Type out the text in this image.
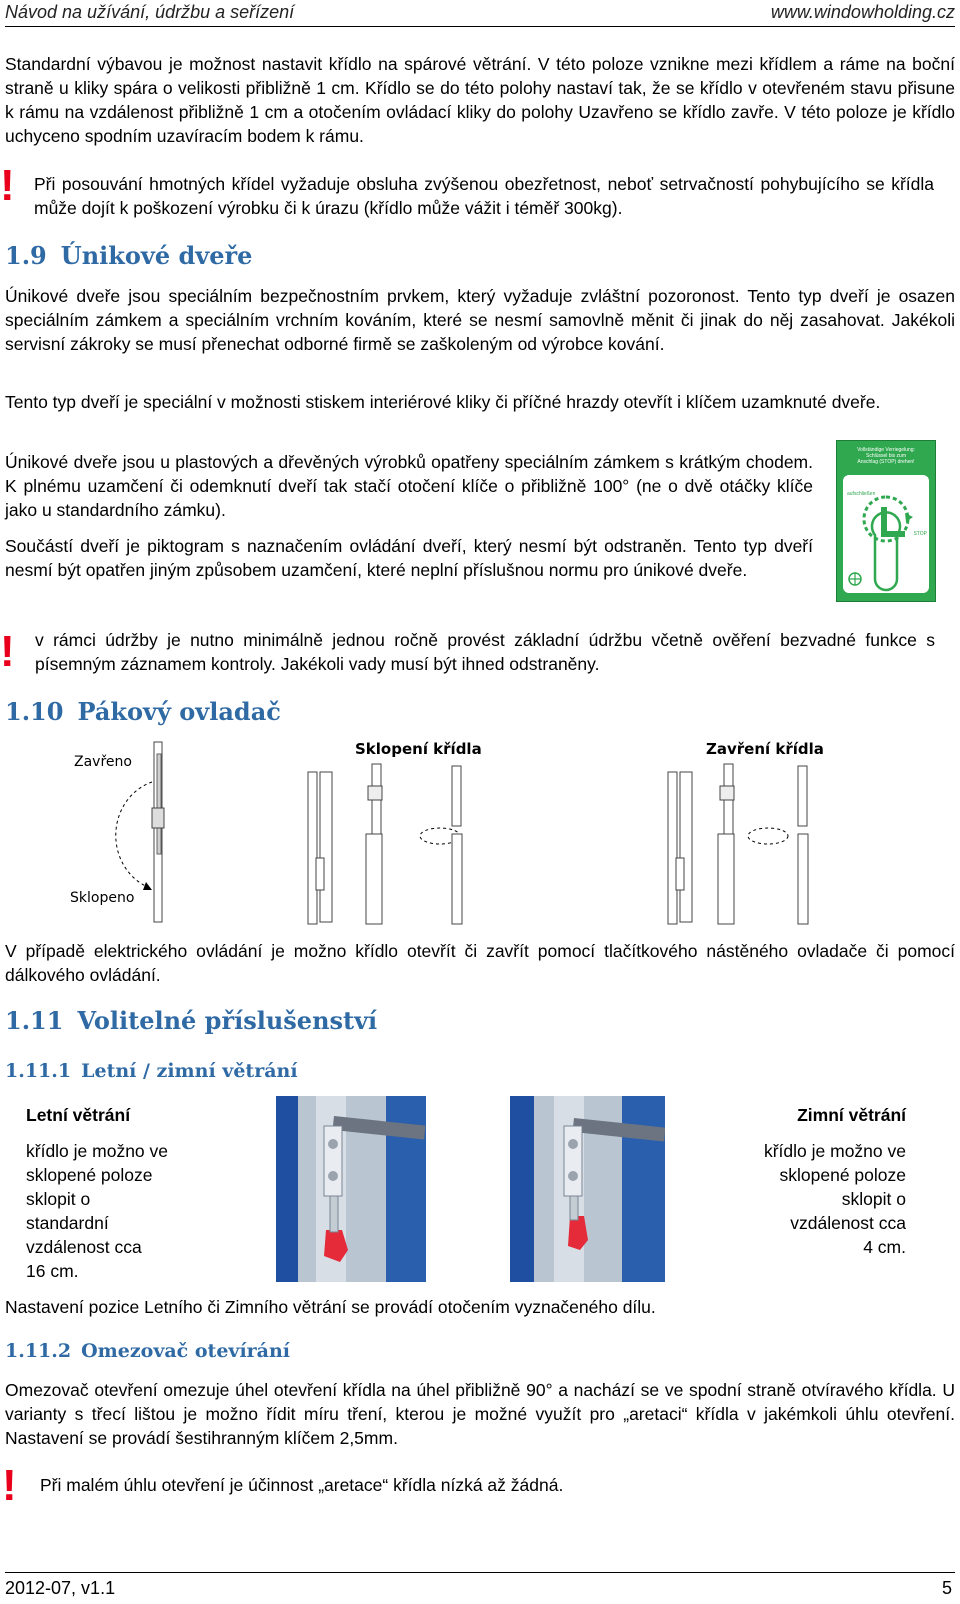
Návod na užívání, údržbu a seřízení	www.windowholding.cz
Standardní výbavou je možnost nastavit křídlo na spárové větrání. V této poloze vznikne mezi křídlem a ráme na boční straně u kliky spára o velikosti přibližně 1 cm. Křídlo se do této polohy nastaví tak, že se křídlo v otevřeném stavu přisune k rámu na vzdálenost přibližně 1 cm a otočením ovládací kliky do polohy Uzavřeno se křídlo zavře. V této poloze je křídlo uchyceno spodním uzavíracím bodem k rámu.
! Při posouvání hmotných křídel vyžaduje obsluha zvýšenou obezřetnost, neboť setrvačností pohybujícího se křídla může dojít k poškození výrobku či k úrazu (křídlo může vážit i téměř 300kg).
1.9 Únikové dveře
Únikové dveře jsou speciálním bezpečnostním prvkem, který vyžaduje zvláštní pozoronost. Tento typ dveří je osazen speciálním zámkem a speciálním vrchním kováním, které se nesmí samovlně měnit či jinak do něj zasahovat. Jakékoli servisní zákroky se musí přenechat odborné firmě se zaškoleným od výrobce kování.
Tento typ dveří je speciální v možnosti stiskem interiérové kliky či příčné hrazdy otevřít i klíčem uzamknuté dveře.
Únikové dveře jsou u plastových a dřevěných výrobků opatřeny speciálním zámkem s krátkým chodem. K plnému uzamčení či odemknutí dveří tak stačí otočení klíče o přibližně 100° (ne o dvě otáčky klíče jako u standardního zámku).
Součástí dveří je piktogram s naznačením ovládání dveří, který nesmí být odstraněn. Tento typ dveří nesmí být opatřen jiným způsobem uzamčení, které neplní příslušnou normu pro únikové dveře.
Vollständige Verriegelung:
Schlüssel bis zum
Anschlag (STOP) drehen!
aufschließen
STOP
! v rámci údržby je nutno minimálně jednou ročně provést základní údržbu včetně ověření bezvadné funkce s písemným záznamem kontroly. Jakékoli vady musí být ihned odstraněny.
1.10 Pákový ovladač
Zavřeno
Sklopeno
Sklopení křídla	Zavření křídla
V případě elektrického ovládání je možno křídlo otevřít či zavřít pomocí tlačítkového nástěného ovladače či pomocí dálkového ovládání.
1.11 Volitelné příslušenství
1.11.1 Letní / zimní větrání
Letní větrání
křídlo je možno ve
sklopené poloze
sklopit o
standardní
vzdálenost cca
16 cm.
Zimní větrání
křídlo je možno ve
sklopené poloze
sklopit o
vzdálenost cca
4 cm.
Nastavení pozice Letního či Zimního větrání se provádí otočením vyznačeného dílu.
1.11.2 Omezovač otevírání
Omezovač otevření omezuje úhel otevření křídla na úhel přibližně 90° a nachází se ve spodní straně otvíravého křídla. U varianty s třecí lištou je možno řídit míru tření, kterou je možné využít pro „aretaci“ křídla v jakémkoli úhlu otevření. Nastavení se provádí šestihranným klíčem 2,5mm.
! Při malém úhlu otevření je účinnost „aretace“ křídla nízká až žádná.
2012-07, v1.1	5
